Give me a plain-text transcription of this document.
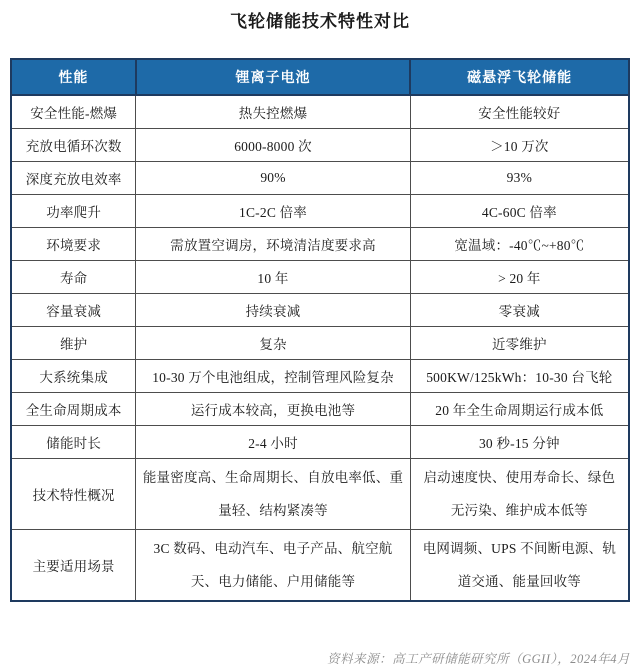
飞轮储能技术特性对比
性能	锂离子电池	磁悬浮飞轮储能
安全性能-燃爆	热失控燃爆	安全性能较好
充放电循环次数	6000-8000 次	＞10 万次
深度充放电效率	90%	93%
功率爬升	1C-2C 倍率	4C-60C 倍率
环境要求	需放置空调房，环境清洁度要求高	宽温域：-40℃~+80℃
寿命	10 年	> 20 年
容量衰减	持续衰减	零衰减
维护	复杂	近零维护
大系统集成	10-30 万个电池组成，控制管理风险复杂	500KW/125kWh：10-30 台飞轮
全生命周期成本	运行成本较高，更换电池等	20 年全生命周期运行成本低
储能时长	2-4 小时	30 秒-15 分钟
技术特性概况	能量密度高、生命周期长、自放电率低、重量轻、结构紧凑等	启动速度快、使用寿命长、绿色无污染、维护成本低等
主要适用场景	3C 数码、电动汽车、电子产品、航空航天、电力储能、户用储能等	电网调频、UPS 不间断电源、轨道交通、能量回收等
资料来源：高工产研储能研究所（GGII），2024年4月
